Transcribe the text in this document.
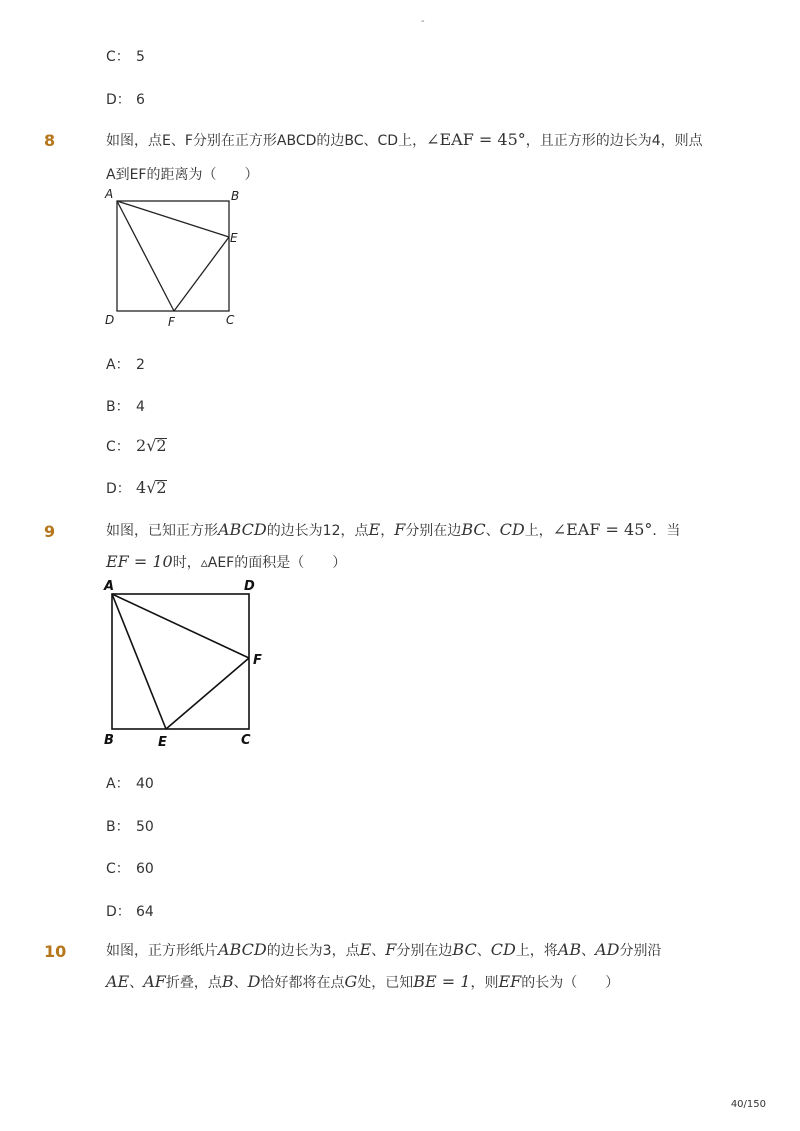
-
C： 5
D： 6
8	如图，点E、F分别在正方形ABCD的边BC、CD上，∠EAF = 45°，且正方形的边长为4，则点
A到EF的距离为（　　）
A	B
E
D	F	C
A： 2
B： 4
C： 2√2
D： 4√2
9	如图，已知正方形ABCD的边长为12，点E，F分别在边BC、CD上，∠EAF = 45°．当
EF = 10时，▵AEF的面积是（　　）
A	D
F
B	E	C
A： 40
B： 50
C： 60
D： 64
10	如图，正方形纸片ABCD的边长为3，点E、F分别在边BC、CD上，将AB、AD分别沿
AE、AF折叠，点B、D恰好都将在点G处，已知BE = 1，则EF的长为（　　）
40/150
